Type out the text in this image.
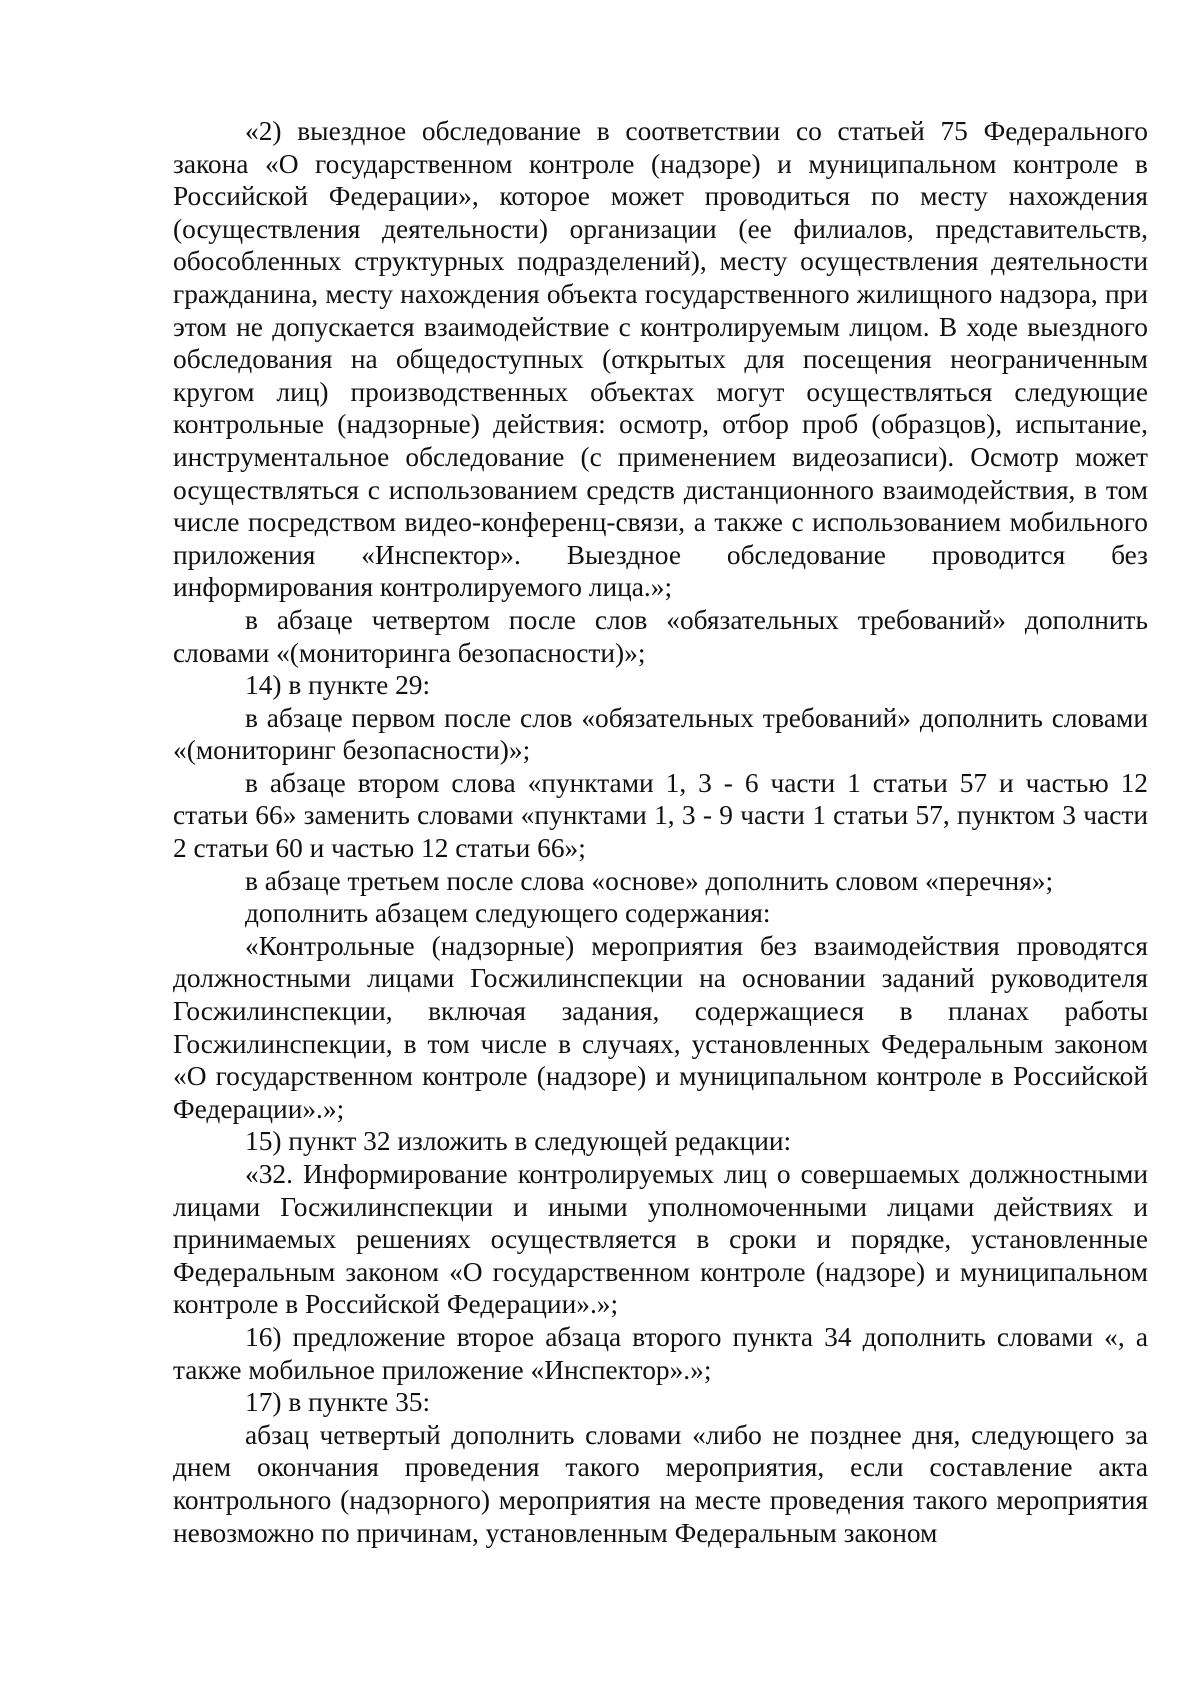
«2) выездное обследование в соответствии со статьей 75 Федерального закона «О государственном контроле (надзоре) и муниципальном контроле в Российской Федерации», которое может проводиться по месту нахождения (осуществления деятельности) организации (ее филиалов, представительств, обособленных структурных подразделений), месту осуществления деятельности гражданина, месту нахождения объекта государственного жилищного надзора, при этом не допускается взаимодействие с контролируемым лицом. В ходе выездного обследования на общедоступных (открытых для посещения неограниченным кругом лиц) производственных объектах могут осуществляться следующие контрольные (надзорные) действия: осмотр, отбор проб (образцов), испытание, инструментальное обследование (с применением видеозаписи). Осмотр может осуществляться с использованием средств дистанционного взаимодействия, в том числе посредством видео-конференц-связи, а также с использованием мобильного приложения «Инспектор». Выездное обследование проводится без информирования контролируемого лица.»;

в абзаце четвертом после слов «обязательных требований» дополнить словами «(мониторинга безопасности)»;

14) в пункте 29:

в абзаце первом после слов «обязательных требований» дополнить словами «(мониторинг безопасности)»;

в абзаце втором слова «пунктами 1, 3 - 6 части 1 статьи 57 и частью 12 статьи 66» заменить словами «пунктами 1, 3 - 9 части 1 статьи 57, пунктом 3 части 2 статьи 60 и частью 12 статьи 66»;

в абзаце третьем после слова «основе» дополнить словом «перечня»;

дополнить абзацем следующего содержания:

«Контрольные (надзорные) мероприятия без взаимодействия проводятся должностными лицами Госжилинспекции на основании заданий руководителя Госжилинспекции, включая задания, содержащиеся в планах работы Госжилинспекции, в том числе в случаях, установленных Федеральным законом «О государственном контроле (надзоре) и муниципальном контроле в Российской Федерации».»;

15) пункт 32 изложить в следующей редакции:

«32. Информирование контролируемых лиц о совершаемых должностными лицами Госжилинспекции и иными уполномоченными лицами действиях и принимаемых решениях осуществляется в сроки и порядке, установленные Федеральным законом «О государственном контроле (надзоре) и муниципальном контроле в Российской Федерации».»;

16) предложение второе абзаца второго пункта 34 дополнить словами «, а также мобильное приложение «Инспектор».»;

17) в пункте 35:

абзац четвертый дополнить словами «либо не позднее дня, следующего за днем окончания проведения такого мероприятия, если составление акта контрольного (надзорного) мероприятия на месте проведения такого мероприятия невозможно по причинам, установленным Федеральным законом
